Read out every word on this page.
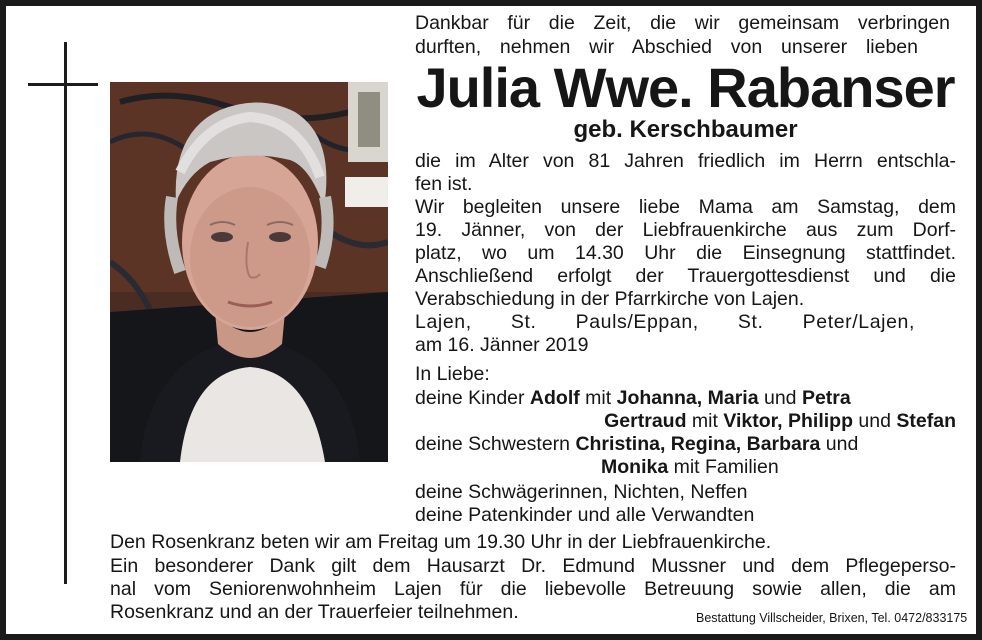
Dankbar für die Zeit, die wir gemeinsam verbringen
durften, nehmen wir Abschied von unserer lieben
Julia Wwe. Rabanser
geb. Kerschbaumer
die im Alter von 81 Jahren friedlich im Herrn entschla-
fen ist.
Wir begleiten unsere liebe Mama am Samstag, dem
19. Jänner, von der Liebfrauenkirche aus zum Dorf-
platz, wo um 14.30 Uhr die Einsegnung stattfindet.
Anschließend erfolgt der Trauergottesdienst und die
Verabschiedung in der Pfarrkirche von Lajen.
Lajen, St. Pauls/Eppan, St. Peter/Lajen,
am 16. Jänner 2019
In Liebe:
deine Kinder Adolf mit Johanna, Maria und Petra
Gertraud mit Viktor, Philipp und Stefan
deine Schwestern Christina, Regina, Barbara und
Monika mit Familien
deine Schwägerinnen, Nichten, Neffen
deine Patenkinder und alle Verwandten
Den Rosenkranz beten wir am Freitag um 19.30 Uhr in der Liebfrauenkirche.
Ein besonderer Dank gilt dem Hausarzt Dr. Edmund Mussner und dem Pflegeperso-
nal vom Seniorenwohnheim Lajen für die liebevolle Betreuung sowie allen, die am
Rosenkranz und an der Trauerfeier teilnehmen.	Bestattung Villscheider, Brixen, Tel. 0472/833175
